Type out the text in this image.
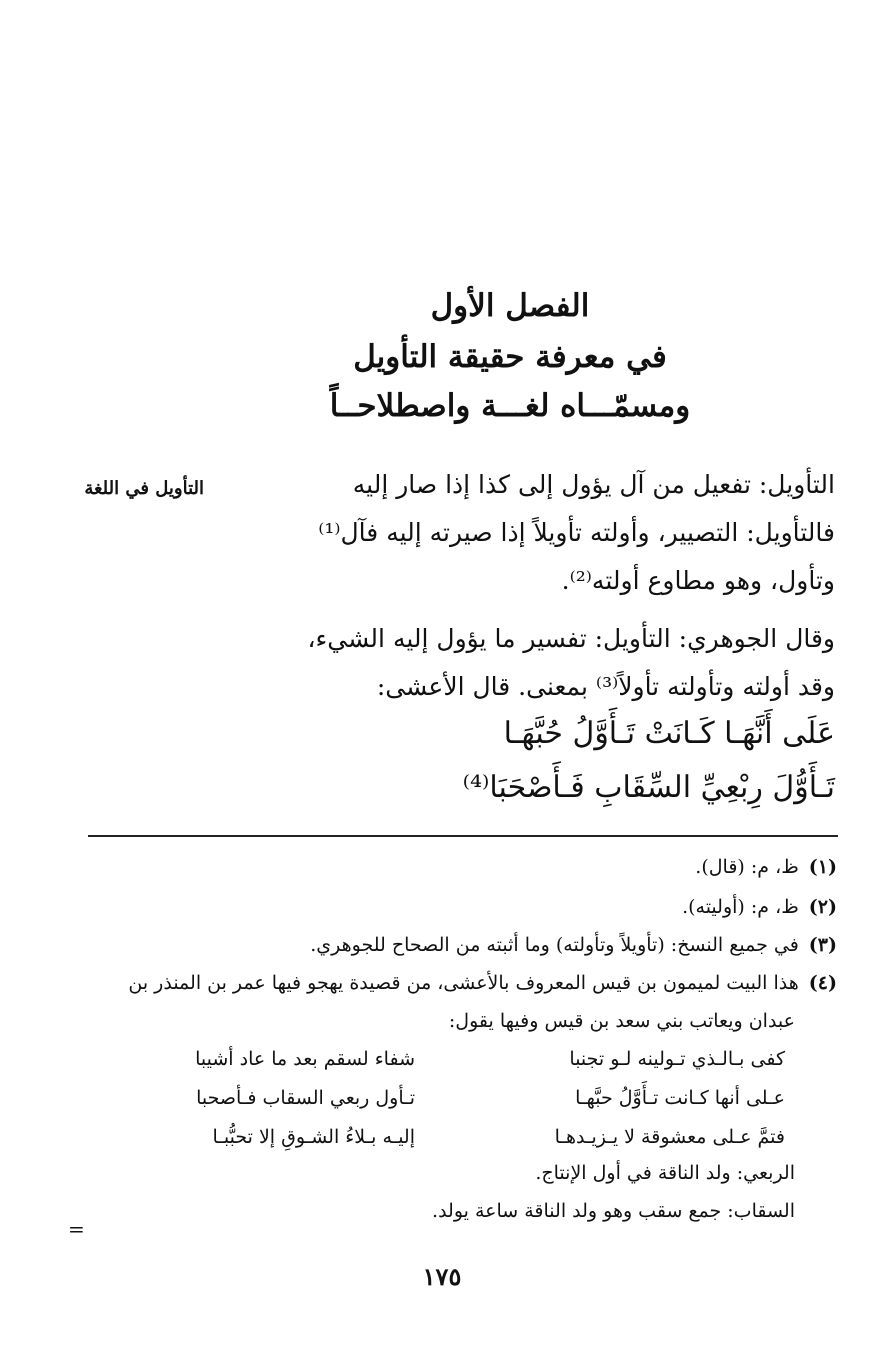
الفصل الأول
في معرفة حقيقة التأويل
ومسمّـــاه لغـــة واصطلاحــاً
التأويل في اللغة	التأويل: تفعيل من آل يؤول إلى كذا إذا صار إليه
فالتأويل: التصيير، وأولته تأويلاً إذا صيرته إليه فآل⁽¹⁾
وتأول، وهو مطاوع أولته⁽²⁾.
وقال الجوهري: التأويل: تفسير ما يؤول إليه الشيء،
وقد أولته وتأولته تأولاً⁽³⁾ بمعنى. قال الأعشى:
عَلَى أَنَّهَـا كَـانَتْ تَـأَوَّلُ حُبَّهَـا
تَـأَوُّلَ رِبْعِيِّ السِّقَابِ فَـأَصْحَبَا⁽⁴⁾
(١)ظ، م: (قال).
(٢)ظ، م: (أوليته).
(٣)في جميع النسخ: (تأويلاً وتأولته) وما أثبته من الصحاح للجوهري.
(٤)هذا البيت لميمون بن قيس المعروف بالأعشى، من قصيدة يهجو فيها عمر بن المنذر بن
عبدان ويعاتب بني سعد بن قيس وفيها يقول:
كفى بـالـذي تـولينه لـو تجنبا
شفاء لسقم بعد ما عاد أشيبا
عـلى أنها كـانت تـأَوَّلُ حبَّهـا
تـأول ربعي السقاب فـأصحبا
فتمَّ عـلى معشوقة لا يـزيـدهـا
إليـه بـلاءُ الشـوقِ إلا تحبُّبـا
الربعي: ولد الناقة في أول الإنتاج.
السقاب: جمع سقب وهو ولد الناقة ساعة يولد.
=
١٧٥
